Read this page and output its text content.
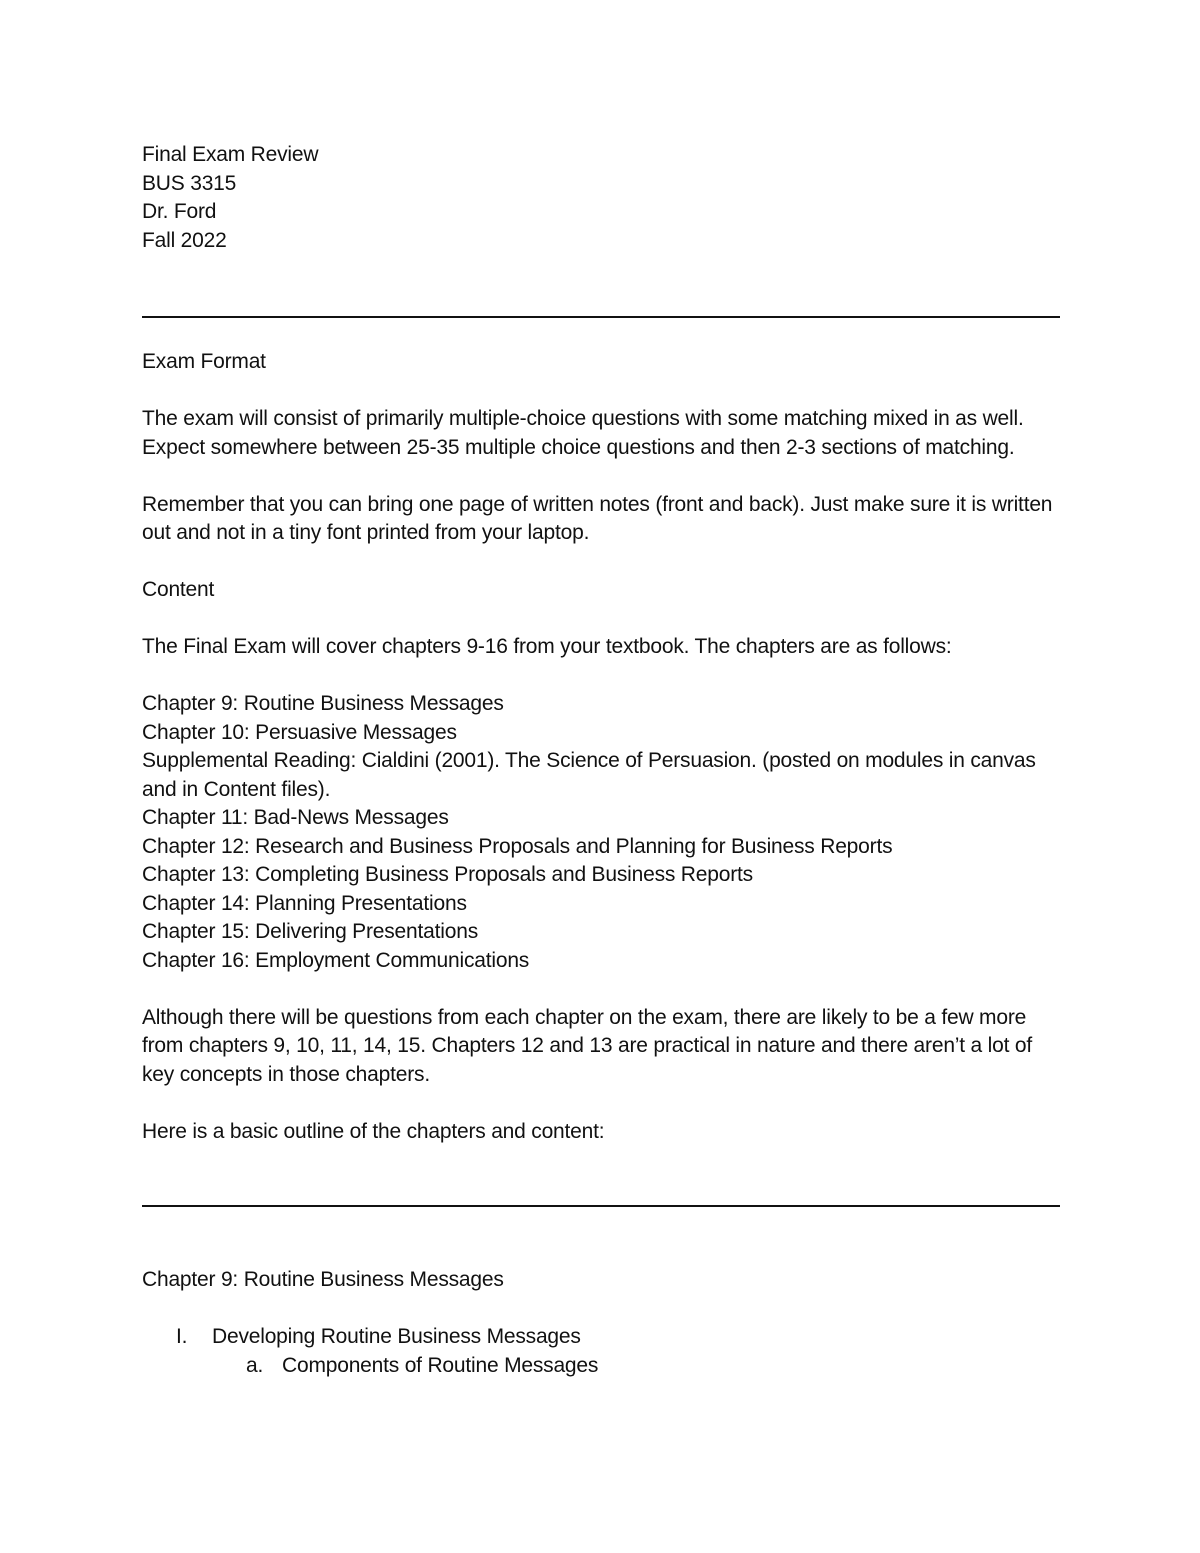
Final Exam Review

BUS 3315

Dr. Ford

Fall 2022

Exam Format

The exam will consist of primarily multiple-choice questions with some matching mixed in as well. Expect somewhere between 25-35 multiple choice questions and then 2-3 sections of matching.

Remember that you can bring one page of written notes (front and back). Just make sure it is written out and not in a tiny font printed from your laptop.

Content

The Final Exam will cover chapters 9-16 from your textbook. The chapters are as follows:

Chapter 9: Routine Business Messages

Chapter 10: Persuasive Messages

Supplemental Reading: Cialdini (2001). The Science of Persuasion. (posted on modules in canvas and in Content files).

Chapter 11: Bad-News Messages

Chapter 12: Research and Business Proposals and Planning for Business Reports

Chapter 13: Completing Business Proposals and Business Reports

Chapter 14: Planning Presentations

Chapter 15: Delivering Presentations

Chapter 16: Employment Communications

Although there will be questions from each chapter on the exam, there are likely to be a few more from chapters 9, 10, 11, 14, 15. Chapters 12 and 13 are practical in nature and there aren’t a lot of key concepts in those chapters.

Here is a basic outline of the chapters and content:

Chapter 9: Routine Business Messages

I.	Developing Routine Business Messages
a. Components of Routine Messages
